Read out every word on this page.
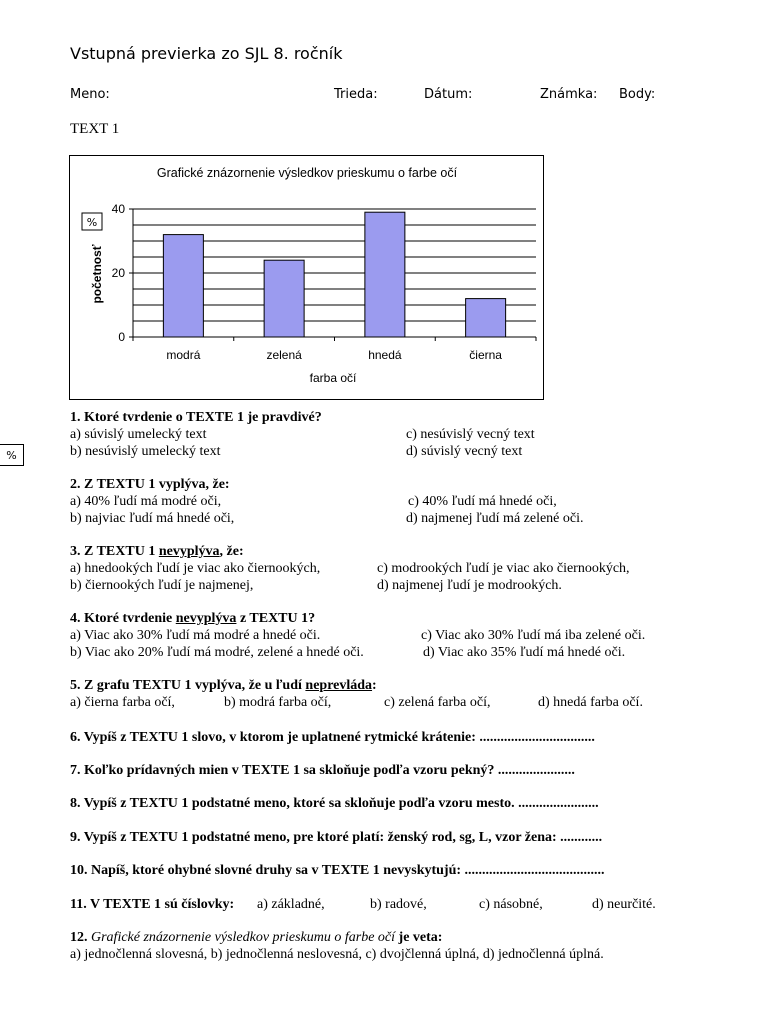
Vstupná previerka zo SJL 8. ročník
Meno:	Trieda:	Dátum:	Známka: Body:
TEXT 1
Grafické znázornenie výsledkov prieskumu o farbe očí
0
20
40
modrá	zelená	hnedá	čierna
%
početnosť
farba očí
%
1. Ktoré tvrdenie o TEXTE 1 je pravdivé?
a) súvislý umelecký text
b) nesúvislý umelecký text
c) nesúvislý vecný text
d) súvislý vecný text
2. Z TEXTU 1 vyplýva, že:
a) 40% ľudí má modré oči,
b) najviac ľudí má hnedé oči,
c) 40% ľudí má hnedé oči,
d) najmenej ľudí má zelené oči.
3. Z TEXTU 1 nevyplýva, že:
a) hnedookých ľudí je viac ako čiernookých,
b) čiernookých ľudí je najmenej,
c) modrookých ľudí je viac ako čiernookých,
d) najmenej ľudí je modrookých.
4. Ktoré tvrdenie nevyplýva z TEXTU 1?
a) Viac ako 30% ľudí má modré a hnedé oči.
b) Viac ako 20% ľudí má modré, zelené a hnedé oči.
c) Viac ako 30% ľudí má iba zelené oči.
d) Viac ako 35% ľudí má hnedé oči.
5. Z grafu TEXTU 1 vyplýva, že u ľudí neprevláda:
a) čierna farba očí,	b) modrá farba očí,	c) zelená farba očí,	d) hnedá farba očí.
6. Vypíš z TEXTU 1 slovo, v ktorom je uplatnené rytmické krátenie: .................................
7. Koľko prídavných mien v TEXTE 1 sa skloňuje podľa vzoru pekný? ......................
8. Vypíš z TEXTU 1 podstatné meno, ktoré sa skloňuje podľa vzoru mesto. .......................
9. Vypíš z TEXTU 1 podstatné meno, pre ktoré platí: ženský rod, sg, L, vzor žena: ............
10. Napíš, ktoré ohybné slovné druhy sa v TEXTE 1 nevyskytujú: ........................................
11. V TEXTE 1 sú číslovky: a) základné,	b) radové,	c) násobné,	d) neurčité.
12. Grafické znázornenie výsledkov prieskumu o farbe očí je veta:
a) jednočlenná slovesná, b) jednočlenná neslovesná, c) dvojčlenná úplná, d) jednočlenná úplná.
